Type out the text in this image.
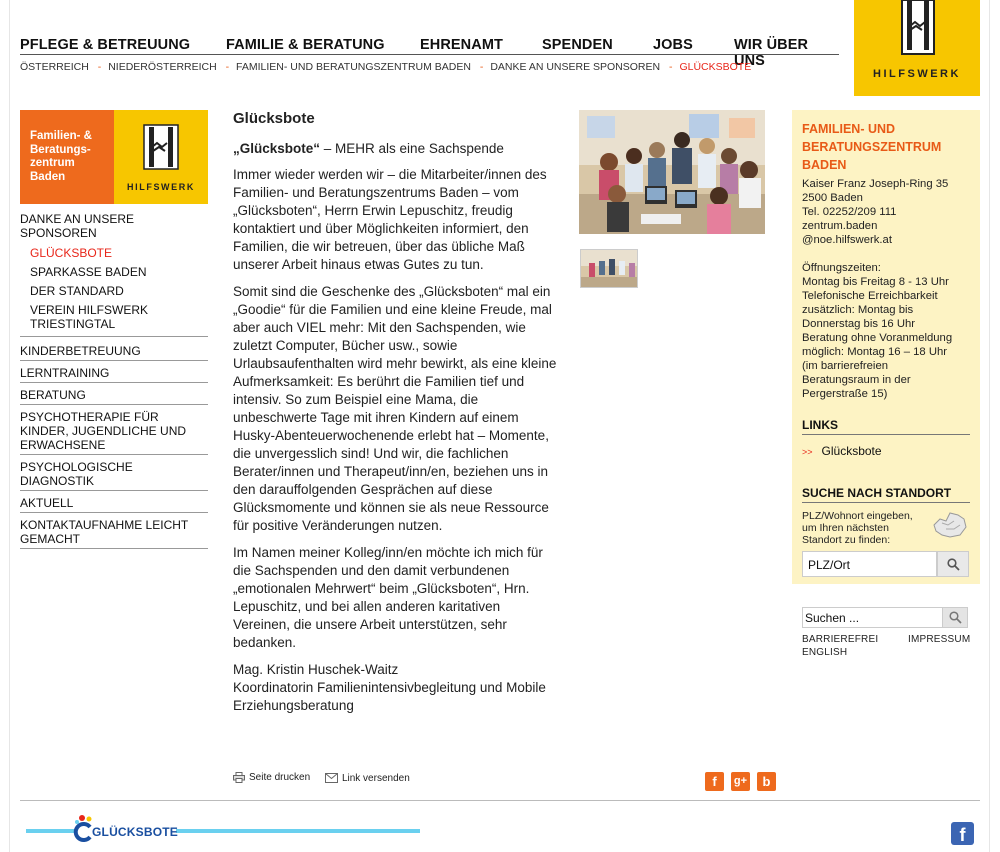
PFLEGE & BETREUUNG FAMILIE & BERATUNG EHRENAMT	SPENDEN	JOBS	WIR ÜBER UNS
ÖSTERREICH - NIEDERÖSTERREICH - FAMILIEN- UND BERATUNGSZENTRUM BADEN - DANKE AN UNSERE SPONSOREN - GLÜCKSBOTE
HILFSWERK
Familien- & Beratungs-zentrum Baden
HILFSWERK
DANKE AN UNSERE SPONSOREN
GLÜCKSBOTE
SPARKASSE BADEN
DER STANDARD
VEREIN HILFSWERK TRIESTINGTAL
KINDERBETREUUNG
LERNTRAINING
BERATUNG
PSYCHOTHERAPIE FÜR KINDER, JUGENDLICHE UND ERWACHSENE
PSYCHOLOGISCHE DIAGNOSTIK
AKTUELL
KONTAKTAUFNAHME LEICHT GEMACHT
Glücksbote

„Glücksbote“ – MEHR als eine Sachspende

Immer wieder werden wir – die Mitarbeiter/innen des Familien- und Beratungszentrums Baden – vom „Glücksboten“, Herrn Erwin Lepuschitz, freudig kontaktiert und über Möglichkeiten informiert, den Familien, die wir betreuen, über das übliche Maß unserer Arbeit hinaus etwas Gutes zu tun.

Somit sind die Geschenke des „Glücksboten“ mal ein „Goodie“ für die Familien und eine kleine Freude, mal aber auch VIEL mehr: Mit den Sachspenden, wie zuletzt Computer, Bücher usw., sowie Urlaubsaufenthalten wird mehr bewirkt, als eine kleine Aufmerksamkeit: Es berührt die Familien tief und intensiv. So zum Beispiel eine Mama, die unbeschwerte Tage mit ihren Kindern auf einem Husky-Abenteuerwochenende erlebt hat – Momente, die unvergesslich sind! Und wir, die fachlichen Berater/innen und Therapeut/inn/en, beziehen uns in den darauffolgenden Gesprächen auf diese Glücksmomente und können sie als neue Ressource für positive Veränderungen nutzen.

Im Namen meiner Kolleg/inn/en möchte ich mich für die Sachspenden und den damit verbundenen „emotionalen Mehrwert“ beim „Glücksboten“, Hrn. Lepuschitz, und bei allen anderen karitativen Vereinen, die unsere Arbeit unterstützen, sehr bedanken.

Mag. Kristin Huschek-Waitz
Koordinatorin Familienintensivbegleitung und Mobile Erziehungsberatung

Seite drucken
	Link versenden	f	g+	b
FAMILIEN- UND BERATUNGSZENTRUM BADEN
Kaiser Franz Joseph-Ring 35
2500 Baden
Tel. 02252/209 111
zentrum.baden
@noe.hilfswerk.at
Öffnungszeiten:
Montag bis Freitag 8 - 13 Uhr
Telefonische Erreichbarkeit
zusätzlich: Montag bis
Donnerstag bis 16 Uhr
Beratung ohne Voranmeldung
möglich: Montag 16 – 18 Uhr
(im barrierefreien
Beratungsraum in der
Pergerstraße 15)
LINKS
>> Glücksbote
SUCHE NACH STANDORT
PLZ/Wohnort eingeben,
um Ihren nächsten
Standort zu finden:
PLZ/Ort
Suchen ...
BARRIEREFREI	IMPRESSUM
ENGLISH
GLÜCKSBOTE	f
